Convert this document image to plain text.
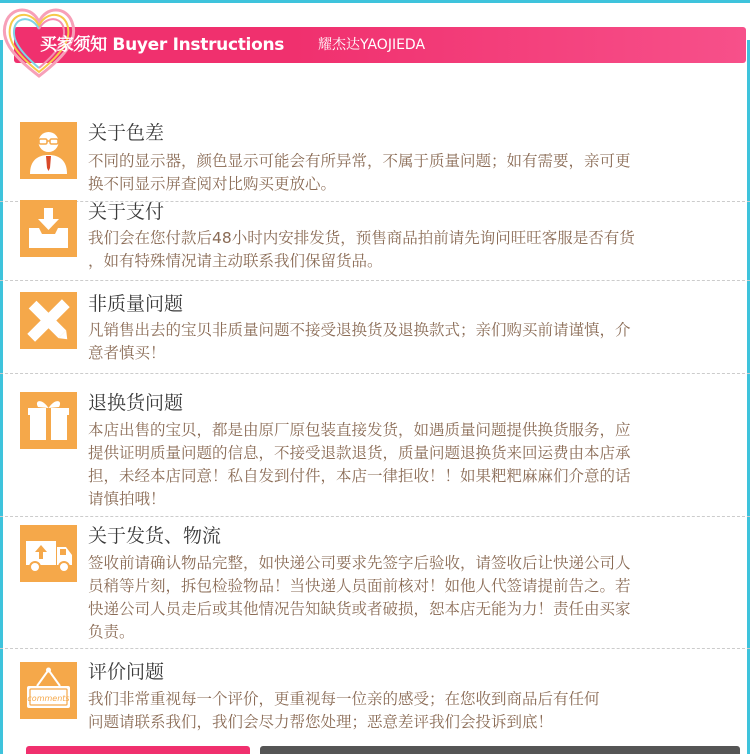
买家须知 Buyer Instructions 耀杰达YAOJIEDA
关于色差
不同的显示器，颜色显示可能会有所异常，不属于质量问题；如有需要，亲可更
换不同显示屏查阅对比购买更放心。
关于支付
我们会在您付款后48小时内安排发货，预售商品拍前请先询问旺旺客服是否有货
，如有特殊情况请主动联系我们保留货品。
非质量问题
凡销售出去的宝贝非质量问题不接受退换货及退换款式；亲们购买前请谨慎，介
意者慎买！
退换货问题
本店出售的宝贝，都是由原厂原包装直接发货，如遇质量问题提供换货服务，应
提供证明质量问题的信息，不接受退款退货，质量问题退换货来回运费由本店承
担，未经本店同意！私自发到付件，本店一律拒收！！如果粑粑麻麻们介意的话
请慎拍哦！
关于发货、物流
签收前请确认物品完整，如快递公司要求先签字后验收，请签收后让快递公司人
员稍等片刻，拆包检验物品！当快递人员面前核对！如他人代签请提前告之。若
快递公司人员走后或其他情况告知缺货或者破损，恕本店无能为力！责任由买家
负责。
comments
评价问题
我们非常重视每一个评价，更重视每一位亲的感受；在您收到商品后有任何
问题请联系我们，我们会尽力帮您处理；恶意差评我们会投诉到底！
